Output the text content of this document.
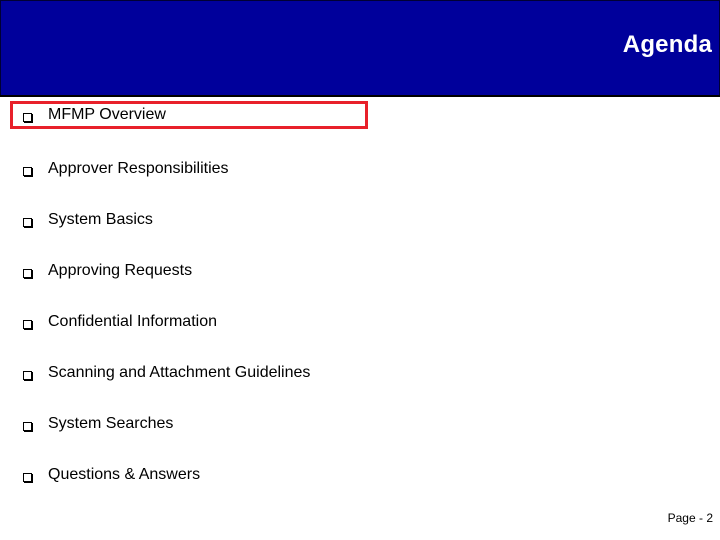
Agenda
MFMP Overview
Approver Responsibilities
System Basics
Approving Requests
Confidential Information
Scanning and Attachment Guidelines
System Searches
Questions & Answers
Page - 2
